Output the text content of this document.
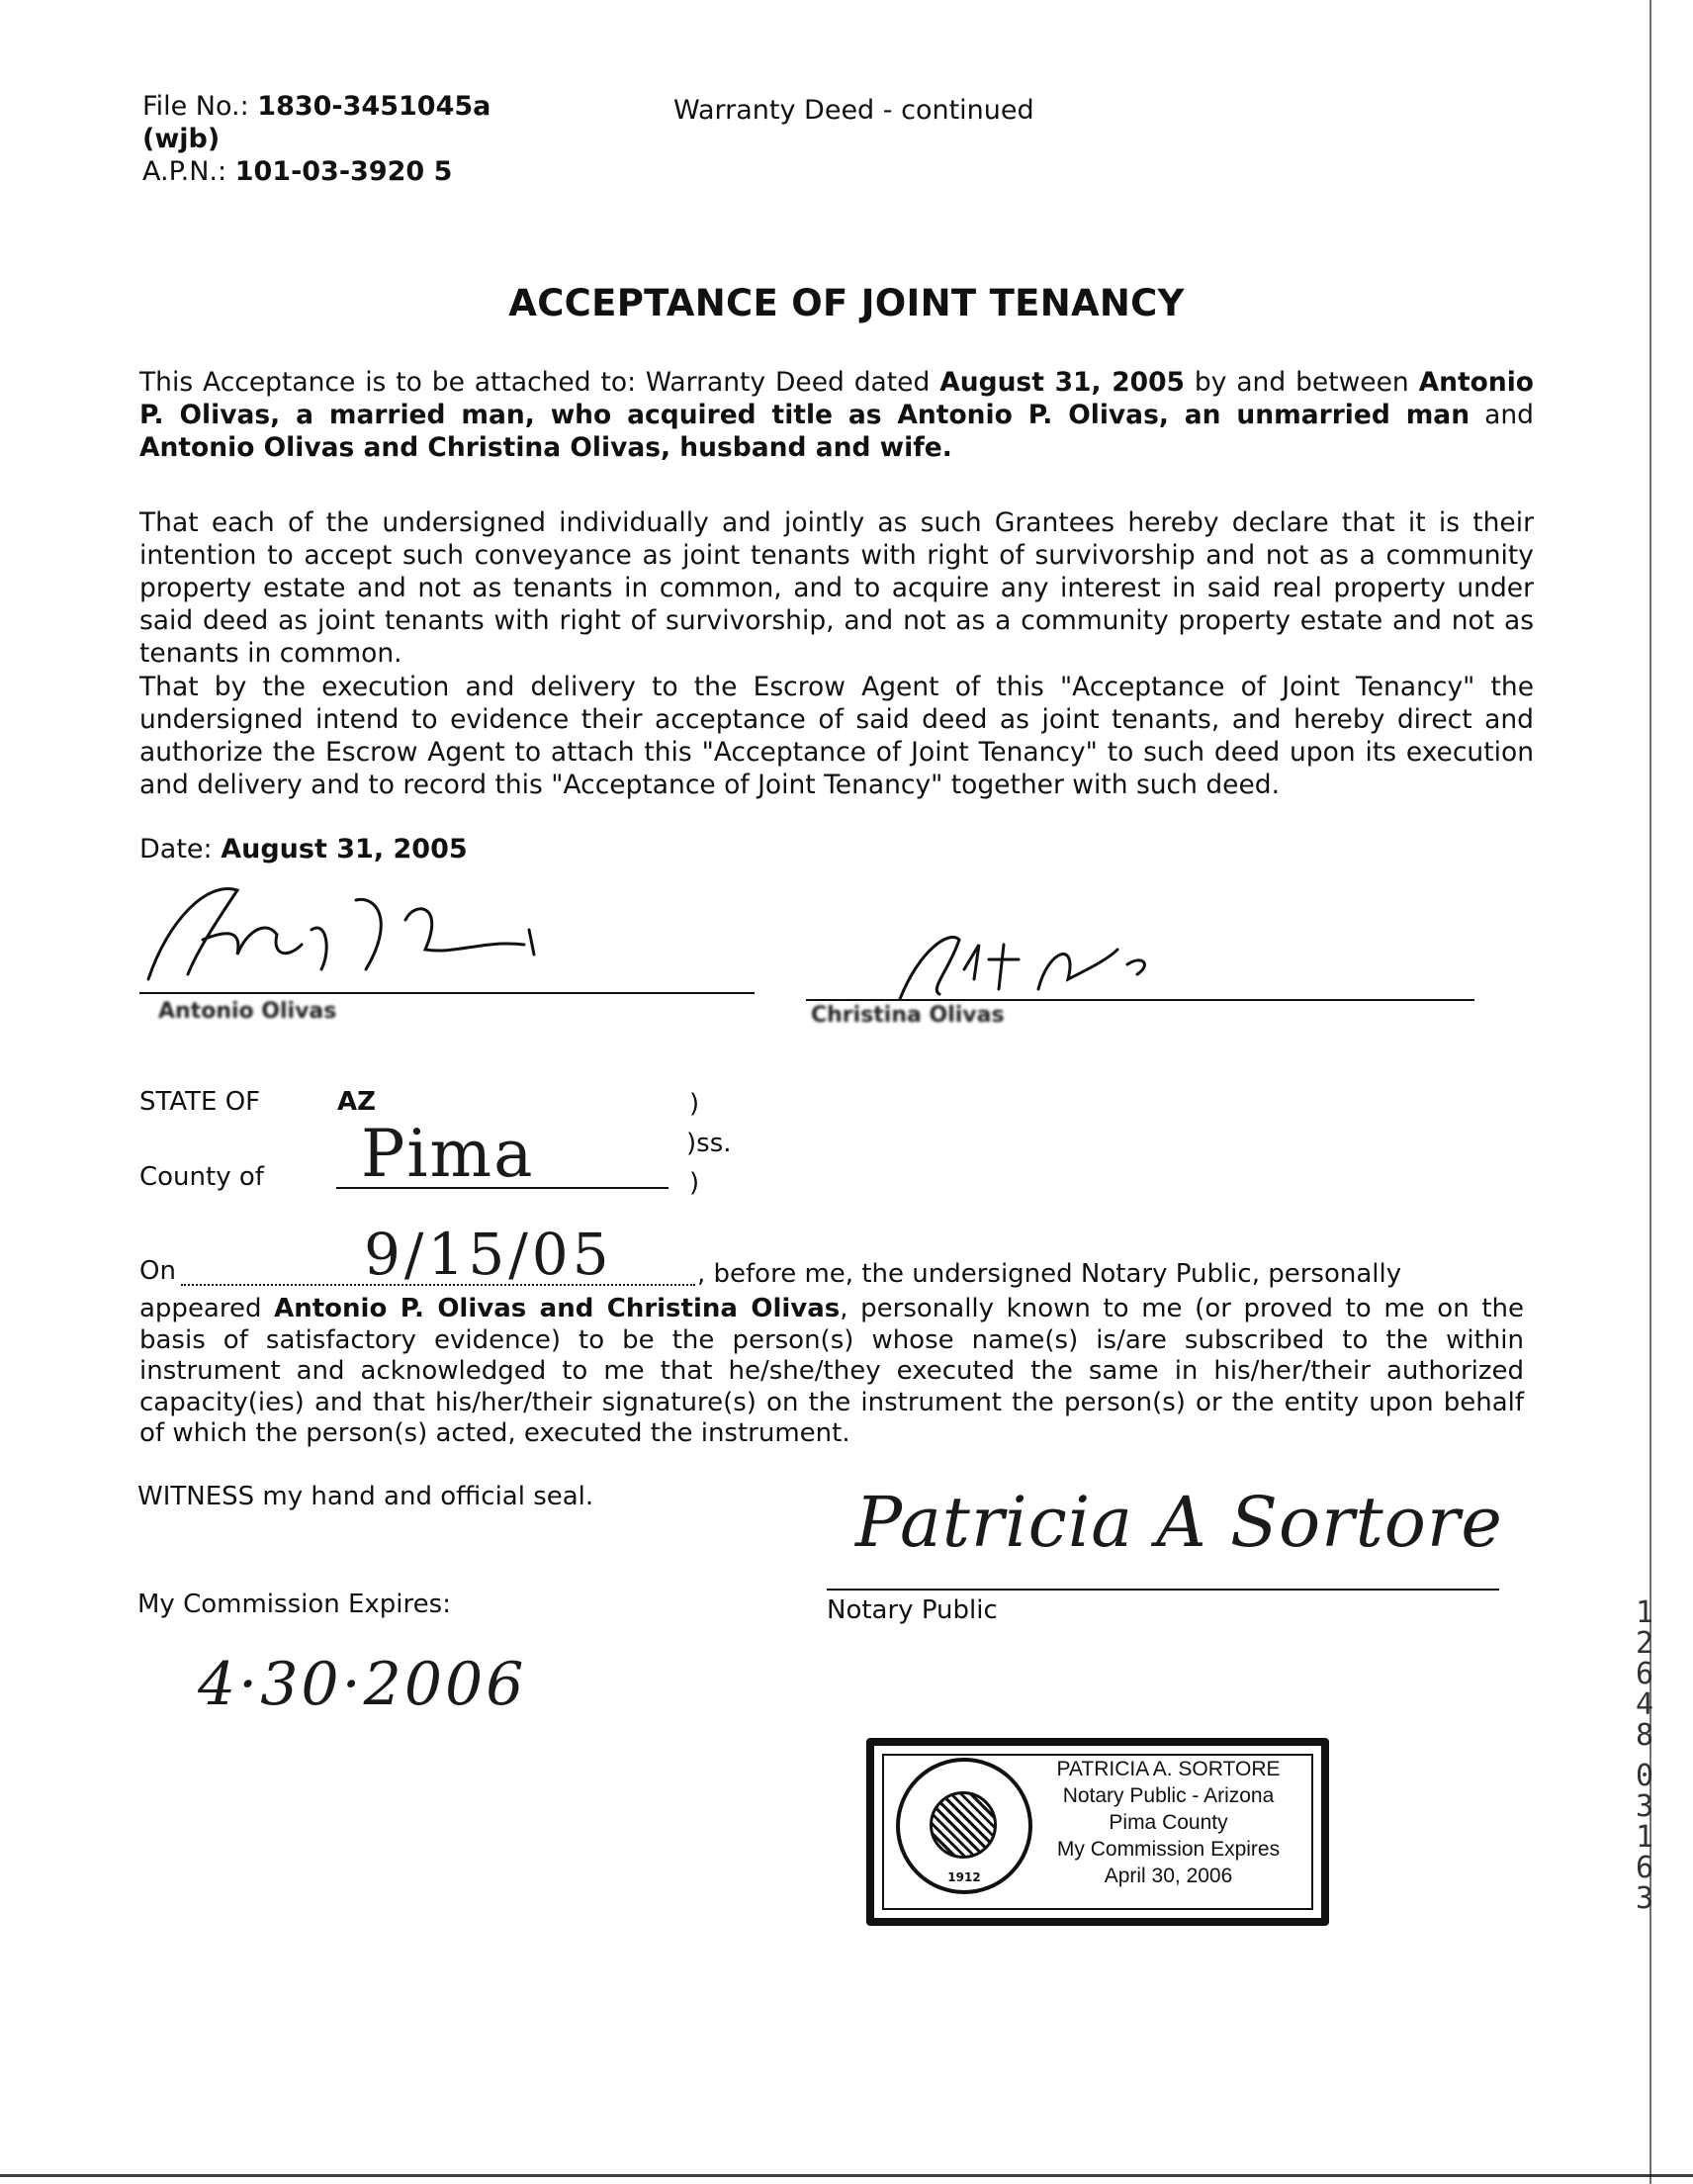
File No.: 1830-3451045a
(wjb)
A.P.N.: 101-03-3920 5
Warranty Deed - continued
ACCEPTANCE OF JOINT TENANCY
This Acceptance is to be attached to: Warranty Deed dated August 31, 2005 by and between Antonio P. Olivas, a married man, who acquired title as Antonio P. Olivas, an unmarried man and Antonio Olivas and Christina Olivas, husband and wife.
That each of the undersigned individually and jointly as such Grantees hereby declare that it is their intention to accept such conveyance as joint tenants with right of survivorship and not as a community property estate and not as tenants in common, and to acquire any interest in said real property under said deed as joint tenants with right of survivorship, and not as a community property estate and not as tenants in common.
That by the execution and delivery to the Escrow Agent of this "Acceptance of Joint Tenancy" the undersigned intend to evidence their acceptance of said deed as joint tenants, and hereby direct and authorize the Escrow Agent to attach this "Acceptance of Joint Tenancy" to such deed upon its execution and delivery and to record this "Acceptance of Joint Tenancy" together with such deed.
Date: August 31, 2005
Antonio Olivas	Christina Olivas
STATE OF	AZ	)
)ss.
)
County of Pima
On	9/15/05	, before me, the undersigned Notary Public, personally
appeared Antonio P. Olivas and Christina Olivas, personally known to me (or proved to me on the basis of satisfactory evidence) to be the person(s) whose name(s) is/are subscribed to the within instrument and acknowledged to me that he/she/they executed the same in his/her/their authorized capacity(ies) and that his/her/their signature(s) on the instrument the person(s) or the entity upon behalf of which the person(s) acted, executed the instrument.
WITNESS my hand and official seal.	Patricia A Sortore
Notary Public
My Commission Expires:
4·30·2006
1912
PATRICIA A. SORTORE
Notary Public - Arizona
Pima County
My Commission Expires
April 30, 2006
1
2
6
4
8
0
3
1
6
3
